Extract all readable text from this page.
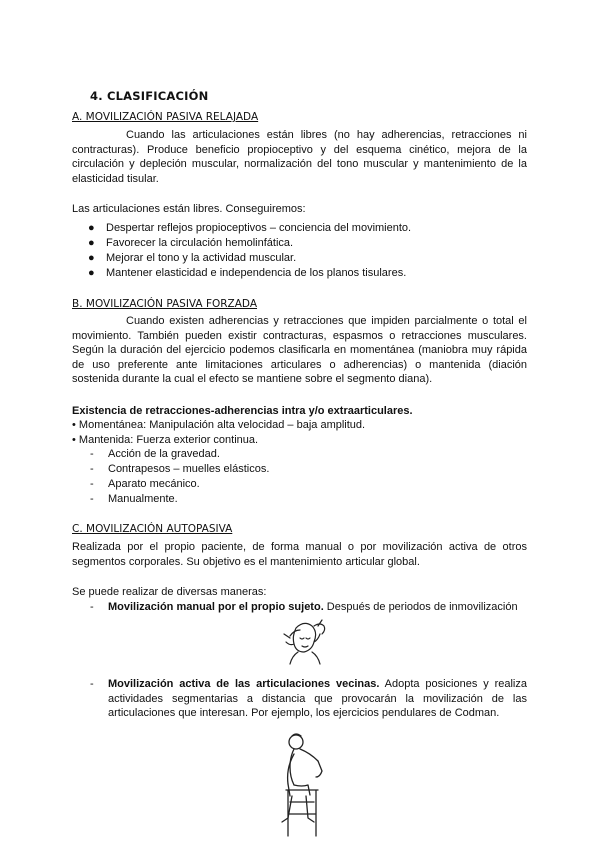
4. CLASIFICACIÓN
A. MOVILIZACIÓN PASIVA RELAJADA
Cuando las articulaciones están libres (no hay adherencias, retracciones ni contracturas). Produce beneficio propioceptivo y del esquema cinético, mejora de la circulación y depleción muscular, normalización del tono muscular y mantenimiento de la elasticidad tisular.
Las articulaciones están libres. Conseguiremos:
● Despertar reflejos propioceptivos – conciencia del movimiento.
● Favorecer la circulación hemolinfática.
● Mejorar el tono y la actividad muscular.
● Mantener elasticidad e independencia de los planos tisulares.
B. MOVILIZACIÓN PASIVA FORZADA
Cuando existen adherencias y retracciones que impiden parcialmente o total el movimiento. También pueden existir contracturas, espasmos o retracciones musculares. Según la duración del ejercicio podemos clasificarla en momentánea (maniobra muy rápida de uso preferente ante limitaciones articulares o adherencias) o mantenida (diación sostenida durante la cual el efecto se mantiene sobre el segmento diana).
Existencia de retracciones-adherencias intra y/o extraarticulares.
• Momentánea: Manipulación alta velocidad – baja amplitud.
• Mantenida: Fuerza exterior continua.
- Acción de la gravedad.
- Contrapesos – muelles elásticos.
- Aparato mecánico.
- Manualmente.
C. MOVILIZACIÓN AUTOPASIVA
Realizada por el propio paciente, de forma manual o por movilización activa de otros segmentos corporales. Su objetivo es el mantenimiento articular global.
Se puede realizar de diversas maneras:
- Movilización manual por el propio sujeto. Después de periodos de inmovilización
- Movilización activa de las articulaciones vecinas. Adopta posiciones y realiza actividades segmentarias a distancia que provocarán la movilización de las articulaciones que interesan. Por ejemplo, los ejercicios pendulares de Codman.
